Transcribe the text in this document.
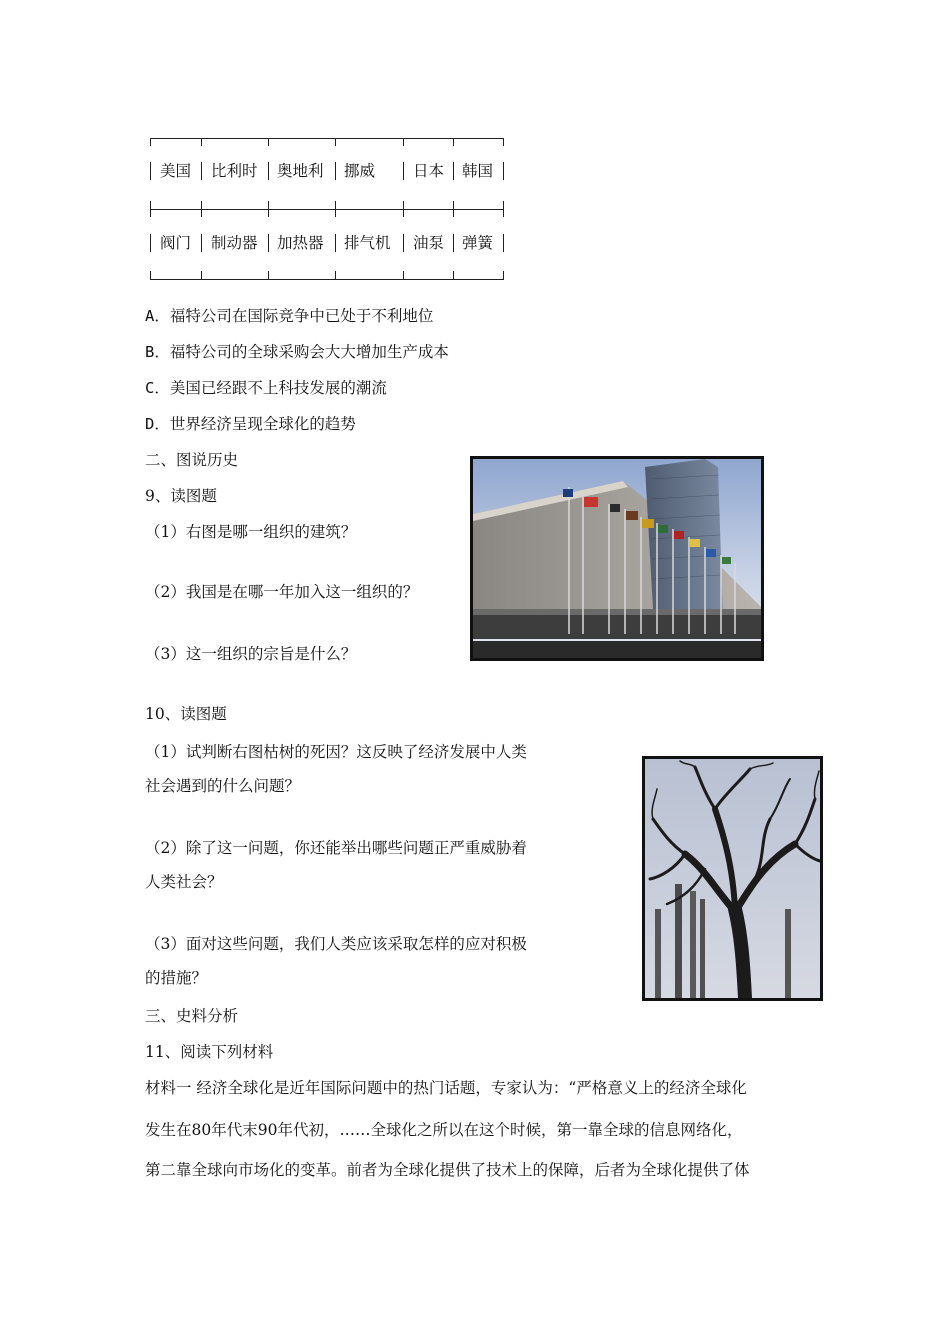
美国 比利时 奥地利 挪威 日本 韩国
阀门 制动器 加热器 排气机 油泵 弹簧
A．福特公司在国际竞争中已处于不利地位
B．福特公司的全球采购会大大增加生产成本
C．美国已经跟不上科技发展的潮流
D．世界经济呈现全球化的趋势
二、图说历史
9、读图题
（1）右图是哪一组织的建筑？
（2）我国是在哪一年加入这一组织的？
（3）这一组织的宗旨是什么？
10、读图题
（1）试判断右图枯树的死因？这反映了经济发展中人类
社会遇到的什么问题？
（2）除了这一问题，你还能举出哪些问题正严重威胁着
人类社会？
（3）面对这些问题，我们人类应该采取怎样的应对积极
的措施？
三、史料分析
11、阅读下列材料
材料一 经济全球化是近年国际问题中的热门话题，专家认为：“严格意义上的经济全球化
发生在80年代末90年代初，……全球化之所以在这个时候，第一靠全球的信息网络化，
第二靠全球向市场化的变革。前者为全球化提供了技术上的保障，后者为全球化提供了体
